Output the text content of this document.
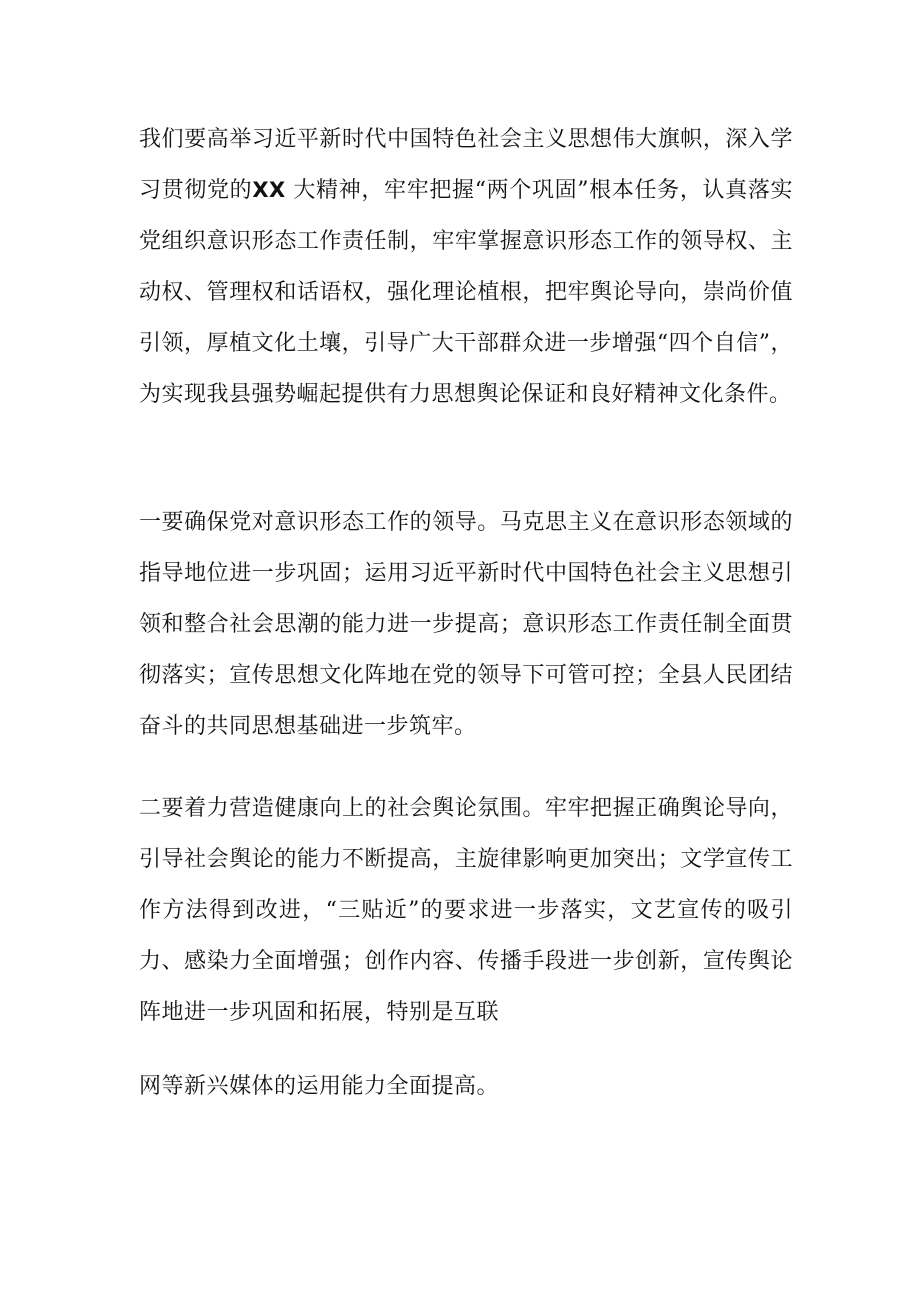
我们要高举习近平新时代中国特色社会主义思想伟大旗帜，深入学习贯彻党的XX 大精神，牢牢把握“两个巩固”根本任务，认真落实党组织意识形态工作责任制，牢牢掌握意识形态工作的领导权、主动权、管理权和话语权，强化理论植根，把牢舆论导向，崇尚价值引领，厚植文化土壤，引导广大干部群众进一步增强“四个自信”，为实现我县强势崛起提供有力思想舆论保证和良好精神文化条件。

一要确保党对意识形态工作的领导。马克思主义在意识形态领域的指导地位进一步巩固；运用习近平新时代中国特色社会主义思想引领和整合社会思潮的能力进一步提高；意识形态工作责任制全面贯彻落实；宣传思想文化阵地在党的领导下可管可控；全县人民团结奋斗的共同思想基础进一步筑牢。

二要着力营造健康向上的社会舆论氛围。牢牢把握正确舆论导向，引导社会舆论的能力不断提高，主旋律影响更加突出；文学宣传工作方法得到改进，“三贴近”的要求进一步落实，文艺宣传的吸引力、感染力全面增强；创作内容、传播手段进一步创新，宣传舆论阵地进一步巩固和拓展，特别是互联

网等新兴媒体的运用能力全面提高。
